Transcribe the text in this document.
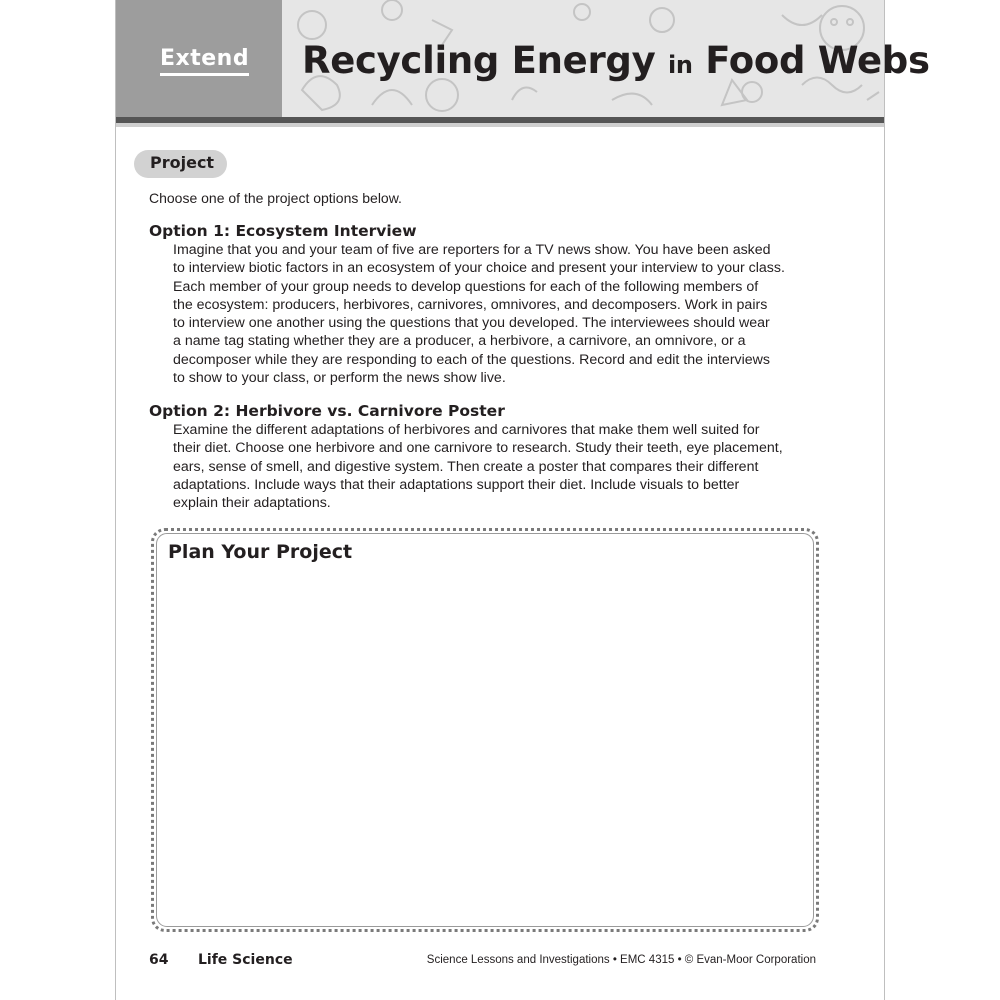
Extend Recycling Energy in Food Webs
Project
Choose one of the project options below.
Option 1: Ecosystem Interview
Imagine that you and your team of five are reporters for a TV news show. You have been asked
to interview biotic factors in an ecosystem of your choice and present your interview to your class.
Each member of your group needs to develop questions for each of the following members of
the ecosystem: producers, herbivores, carnivores, omnivores, and decomposers. Work in pairs
to interview one another using the questions that you developed. The interviewees should wear
a name tag stating whether they are a producer, a herbivore, a carnivore, an omnivore, or a
decomposer while they are responding to each of the questions. Record and edit the interviews
to show to your class, or perform the news show live.
Option 2: Herbivore vs. Carnivore Poster
Examine the different adaptations of herbivores and carnivores that make them well suited for
their diet. Choose one herbivore and one carnivore to research. Study their teeth, eye placement,
ears, sense of smell, and digestive system. Then create a poster that compares their different
adaptations. Include ways that their adaptations support their diet. Include visuals to better
explain their adaptations.
Plan Your Project
64 Life Science	Science Lessons and Investigations • EMC 4315 • © Evan-Moor Corporation
